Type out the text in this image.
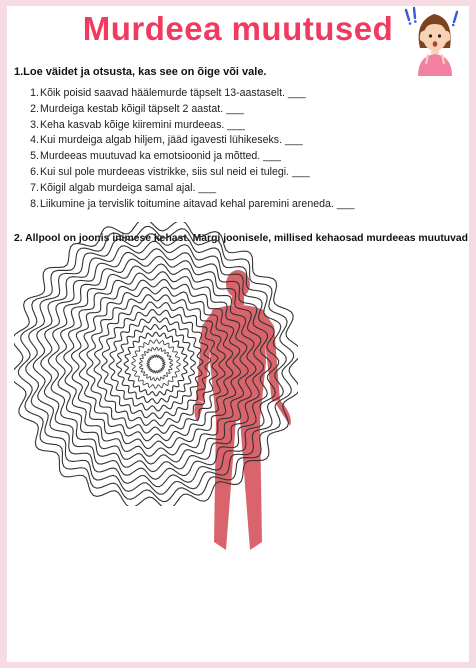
Murdeea muutused
1.Loe väidet ja otsusta, kas see on õige või vale.
1.Kõik poisid saavad häälemurde täpselt 13-aastaselt. ___
2.Murdeiga kestab kõigil täpselt 2 aastat. ___
3.Keha kasvab kõige kiiremini murdeeas. ___
4.Kui murdeiga algab hiljem, jääd igavesti lühikeseks. ___
5.Murdeeas muutuvad ka emotsioonid ja mõtted. ___
6.Kui sul pole murdeeas vistrikke, siis sul neid ei tulegi. ___
7.Kõigil algab murdeiga samal ajal. ___
8.Liikumine ja tervislik toitumine aitavad kehal paremini areneda. ___
2. Allpool on joonis inimese kehast. Märgi joonisele, millised kehaosad murdeeas muutuvad
